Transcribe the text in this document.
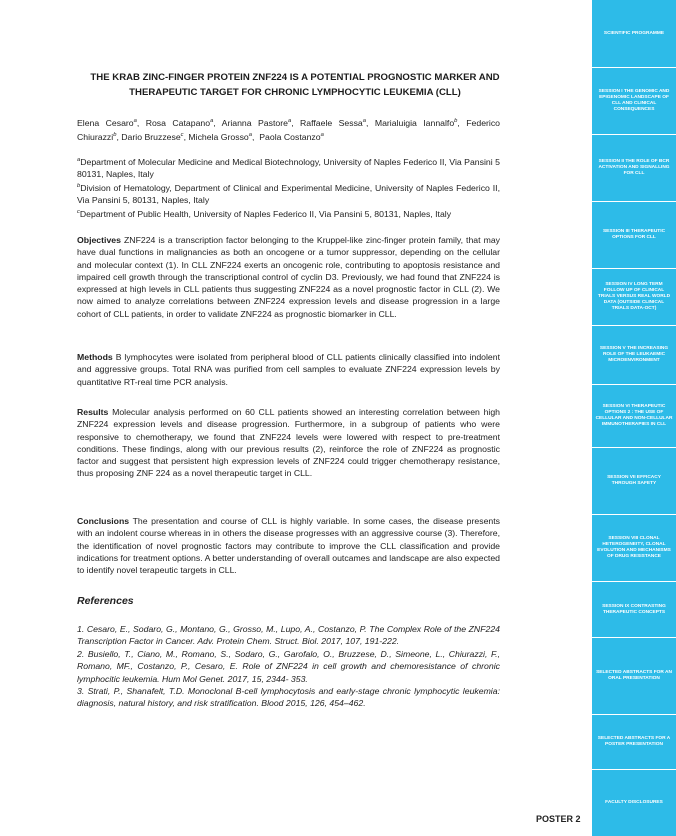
THE KRAB ZINC-FINGER PROTEIN ZNF224 IS A POTENTIAL PROGNOSTIC MARKER AND THERAPEUTIC TARGET FOR CHRONIC LYMPHOCYTIC LEUKEMIA (CLL)

Elena Cesaro$^a$, Rosa Catapano$^a$, Arianna Pastore$^a$, Raffaele Sessa$^a$, Marialuigia Iannalfo$^b$, Federico Chiurazzi$^b$, Dario Bruzzese$^c$, Michela Grosso$^a$,  Paola Costanzo$^a$

$^a$Department of Molecular Medicine and Medical Biotechnology, University of Naples Federico II, Via Pansini 5 80131, Naples, Italy
$^b$Division of Hematology, Department of Clinical and Experimental Medicine, University of Naples Federico II, Via Pansini 5, 80131, Naples, Italy
$^c$Department of Public Health, University of Naples Federico II, Via Pansini 5, 80131, Naples, Italy

Objectives ZNF224 is a transcription factor belonging to the Kruppel-like zinc-finger protein family, that may have dual functions in malignancies as both an oncogene or a tumor suppressor, depending on the cellular and molecular context (1). In CLL ZNF224 exerts an oncogenic role, contributing to apoptosis resistance and impaired cell growth through the transcriptional control of cyclin D3. Previously, we had found that ZNF224 is expressed at high levels in CLL patients thus suggesting ZNF224 as a novel prognostic factor in CLL (2). We now aimed to analyze correlations between ZNF224 expression levels and disease progression in a large cohort of CLL patients, in order to validate ZNF224 as prognostic biomarker in CLL.

Methods B lymphocytes were isolated from peripheral blood of CLL patients clinically classified into indolent and aggressive groups. Total RNA was purified from cell samples to evaluate ZNF224 expression levels by quantitative RT-real time PCR analysis.

Results Molecular analysis performed on 60 CLL patients showed an interesting correlation between high ZNF224 expression levels and disease progression. Furthermore, in a subgroup of patients who were responsive to chemotherapy, we found that ZNF224 levels were lowered with respect to pre-treatment conditions. These findings, along with our previous results (2), reinforce the role of ZNF224 as prognostic factor and suggest that persistent high expression levels of ZNF224 could trigger chemotherapy resistance, thus proposing ZNF 224 as a novel therapeutic target in CLL.

Conclusions The presentation and course of CLL is highly variable. In some cases, the disease presents with an indolent course whereas in in others the disease progresses with an aggressive course (3). Therefore, the identification of novel prognostic factors may contribute to improve the CLL classification and provide indications for treatment options. A better understanding of overall outcames and landscape are also expected to identify novel terapeutic targets in CLL.

References
1. Cesaro, E., Sodaro, G., Montano, G., Grosso, M., Lupo, A., Costanzo, P. The Complex Role of the ZNF224 Transcription Factor in Cancer. Adv. Protein Chem. Struct. Biol. 2017, 107, 191-222.
2. Busiello, T., Ciano, M., Romano, S., Sodaro, G., Garofalo, O., Bruzzese, D., Simeone, L., Chiurazzi, F., Romano, MF., Costanzo, P., Cesaro, E. Role of ZNF224 in cell growth and chemoresistance of chronic lymphocitic leukemia. Hum Mol Genet. 2017, 15, 2344- 353.
3. Strati, P., Shanafelt, T.D. Monoclonal B-cell lymphocytosis and early-stage chronic lymphocytic leukemia: diagnosis, natural history, and risk stratification. Blood 2015, 126, 454–462.
POSTER 2
SCIENTIFIC PROGRAMME
SESSION I THE GENOMIC AND EPIGENOMIC LANDSCAPE OF CLL AND CLINICAL CONSEQUENCES
SESSION II THE ROLE OF BCR ACTIVATION AND SIGNALLING FOR CLL
SESSION III THERAPEUTIC OPTIONS FOR CLL
SESSION IV LONG TERM FOLLOW UP OF CLINICAL TRIALS VERSUS REAL WORLD DATA (OUTSIDE CLINICAL TRIALS DATA-OCT)
SESSION V THE INCREASING ROLE OF THE LEUKAEMIC MICROENVIRONMENT
SESSION VI THERAPEUTIC OPTIONS 2 : THE USE OF CELLULAR AND NON-CELLULAR IMMUNOTHERAPIES IN CLL
SESSION VII EFFICACY THROUGH SAFETY
SESSION VIII CLONAL HETEROGENEITY, CLONAL EVOLUTION AND MECHANISMS OF DRUG RESISTANCE
SESSION IX CONTRASTING THERAPEUTIC CONCEPTS
SELECTED ABSTRACTS FOR AN ORAL PRESENTATION
SELECTED ABSTRACTS FOR A POSTER PRESENTATION
FACULTY DISCLOSURES
